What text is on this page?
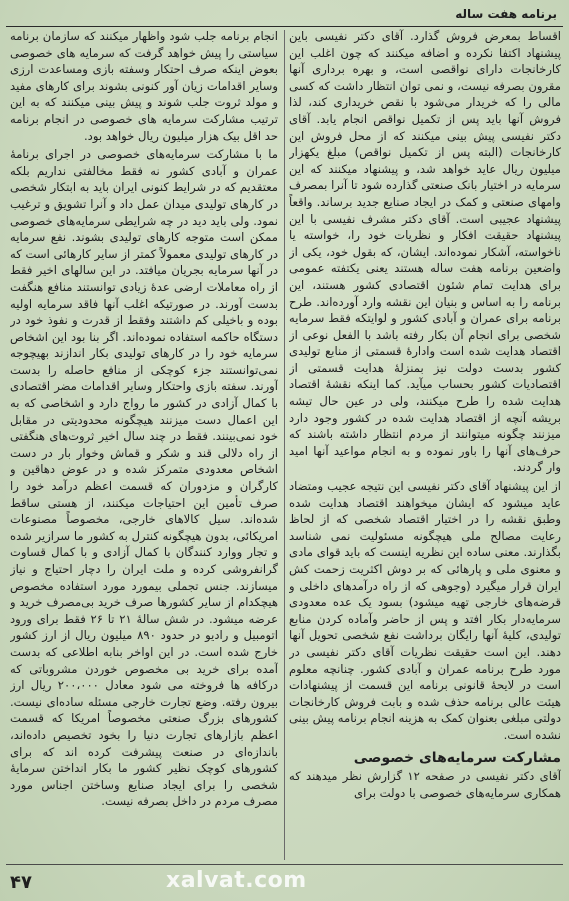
برنامه هفت ساله

اقساط بمعرض فروش گذارد. آقای دکتر نفیسی باین پیشنهاد اکتفا نکرده و اضافه میکنند که چون اغلب این کارخانجات دارای نواقصی است، و بهره برداری آنها مقرون بصرفه نیست، و نمی توان انتظار داشت که کسی مالی را که خریدار می‌شود با نقص خریداری کند، لذا فروش آنها باید پس از تکمیل نواقص انجام یابد. آقای دکتر نفیسی پیش بینی میکنند که از محل فروش این کارخانجات (البته پس از تکمیل نواقص) مبلغ یکهزار میلیون ریال عاید خواهد شد، و پیشنهاد میکنند که این سرمایه در اختیار بانک صنعتی گذارده شود تا آنرا بمصرف وامهای صنعتی و کمک در ایجاد صنایع جدید برساند. واقعاً پیشنهاد عجیبی است. آقای دکتر مشرف نفیسی با این پیشنهاد حقیقت افکار و نظریات خود را، خواسته یا ناخواسته، آشکار نموده‌اند. ایشان، که بقول خود، یکی از واضعین برنامه هفت ساله هستند یعنی یکتفته عمومی برای هدایت تمام شئون اقتصادی کشور هستند، این برنامه را به اساس و بنیان این نقشه وارد آورده‌اند. طرح برنامه برای عمران و آبادی کشور و لوایتکه فقط سرمایه شخصی برای انجام آن بکار رفته باشد با الفعل نوعی از اقتصاد هدایت شده است وادارهٔ قسمتی از منابع تولیدی کشور بدست دولت نیز بمنزلهٔ هدایت قسمتی از اقتصادیات کشور بحساب میآید. کما اینکه نقشهٔ اقتصاد هدایت شده را طرح میکنند، ولی در عین حال تیشه بریشه آنچه از اقتصاد هدایت شده در کشور وجود دارد میزنند چگونه میتوانند از مردم انتظار داشته باشند که حرف‌های آنها را باور نموده و به انجام مواعید آنها امید وار گردند.

از این پیشنهاد آقای دکتر نفیسی این نتیجه عجیب ومتضاد عاید میشود که ایشان میخواهند اقتصاد هدایت شده وطبق نقشه را در اختیار اقتصاد شخصی که از لحاظ رعایت مصالح ملی هیچگونه مسئولیت نمی شناسد بگذارند. معنی ساده این نظریه اینست که باید قوای مادی و معنوی ملی و پارهائی که بر دوش اکثریت زحمت کش ایران قرار میگیرد (وجوهی که از راه درآمدهای داخلی و قرضه‌های خارجی تهیه میشود) بسود یک عده معدودی سرمایه‌دار بکار افتد و پس از حاضر وآماده کردن منابع تولیدی، کلیهٔ آنها رایگان برداشت نفع شخصی تحویل آنها دهند. این است حقیقت نظریات آقای دکتر نفیسی در مورد طرح برنامه عمران و آبادی کشور. چنانچه معلوم است در لایحهٔ قانونی برنامه این قسمت از پیشنهادات هیئت عالی برنامه حذف شده و بابت فروش کارخانجات دولتی مبلغی بعنوان کمک به هزینه انجام برنامه پیش بینی نشده است.

مشارکت سرمایه‌های خصوصی

آقای دکتر نفیسی در صفحه ۱۲ گزارش نظر میدهند که همکاری سرمایه‌های خصوصی با دولت برای

انجام برنامه جلب شود واظهار میکنند که سازمان برنامه سیاستی را پیش خواهد گرفت که سرمایه های خصوصی بعوض اینکه صرف احتکار وسفته بازی ومساعدت ارزی وسایر اقدامات زیان آور کنونی بشوند برای کارهای مفید و مولد ثروت جلب شوند و پیش بینی میکنند که به این ترتیب مشارکت سرمایه های خصوصی در انجام برنامه حد اقل بیک هزار میلیون ریال خواهد بود.

ما با مشارکت سرمایه‌های خصوصی در اجرای برنامهٔ عمران و آبادی کشور نه فقط مخالفتی نداریم بلکه معتقدیم که در شرایط کنونی ایران باید به ابتکار شخصی در کارهای تولیدی میدان عمل داد و آنرا تشویق و ترغیب نمود. ولی باید دید در چه شرایطی سرمایه‌های خصوصی ممکن است متوجه کارهای تولیدی بشوند. نفع سرمایه در کارهای تولیدی معمولاً کمتر از سایر کارهائی است که در آنها سرمایه بجریان میافتد. در این سالهای اخیر فقط از راه معاملات ارضی عدهٔ زیادی توانستند منافع هنگفت بدست آورند. در صورتیکه اغلب آنها فاقد سرمایه اولیه بوده و باخیلی کم داشتند وفقط از قدرت و نفوذ خود در دستگاه حاکمه استفاده نموده‌اند. اگر بنا بود این اشخاص سرمایه خود را در کارهای تولیدی بکار اندازند بهیچوجه نمی‌توانستند جزء کوچکی از منافع حاصله را بدست آورند. سفته بازی واحتکار وسایر اقدامات مضر اقتصادی با کمال آزادی در کشور ما رواج دارد و اشخاصی که به این اعمال دست میزنند هیچگونه محدودیتی در مقابل خود نمی‌بینند. فقط در چند سال اخیر ثروت‌های هنگفتی از راه دلالی قند و شکر و قماش وخوار بار در دست اشخاص معدودی متمرکز شده و در عوض دهاقین و کارگران و مزدوران که قسمت اعظم درآمد خود را صرف تأمین این احتیاجات میکنند، از هستی ساقط شده‌اند. سیل کالاهای خارجی، مخصوصاً مصنوعات امریکائی، بدون هیچگونه کنترل به کشور ما سرازیر شده و تجار ووارد کنندگان با کمال آزادی و با کمال قساوت گرانفروشی کرده و ملت ایران را دچار احتیاج و نیاز میسازند. جنس تجملی بیمورد مورد استفاده مخصوص هیچکدام از سایر کشورها صرف خرید بی‌مصرف خرید و عرضه میشود. در شش سالهٔ ۲۱ تا ۲۶ فقط برای ورود اتومبیل و رادیو در حدود ۸۹۰ میلیون ریال از ارز کشور خارج شده است. در این اواخر بنابه اطلاعی که بدست آمده برای خرید بی مخصوص خوردن مشروباتی که درکافه ها فروخته می شود معادل ۲۰۰،۰۰۰ ریال ارز بیرون رفته. وضع تجارت خارجی مسئله ساده‌ای نیست. کشورهای بزرگ صنعتی مخصوصاً امریکا که قسمت اعظم بازارهای تجارت دنیا را بخود تخصیص داده‌اند، باندازه‌ای در صنعت پیشرفت کرده اند که برای کشورهای کوچک نظیر کشور ما بکار انداختن سرمایهٔ شخصی را برای ایجاد صنایع وساختن اجناس مورد مصرف مردم در داخل بصرفه نیست.

۴۷	xalvat.com
